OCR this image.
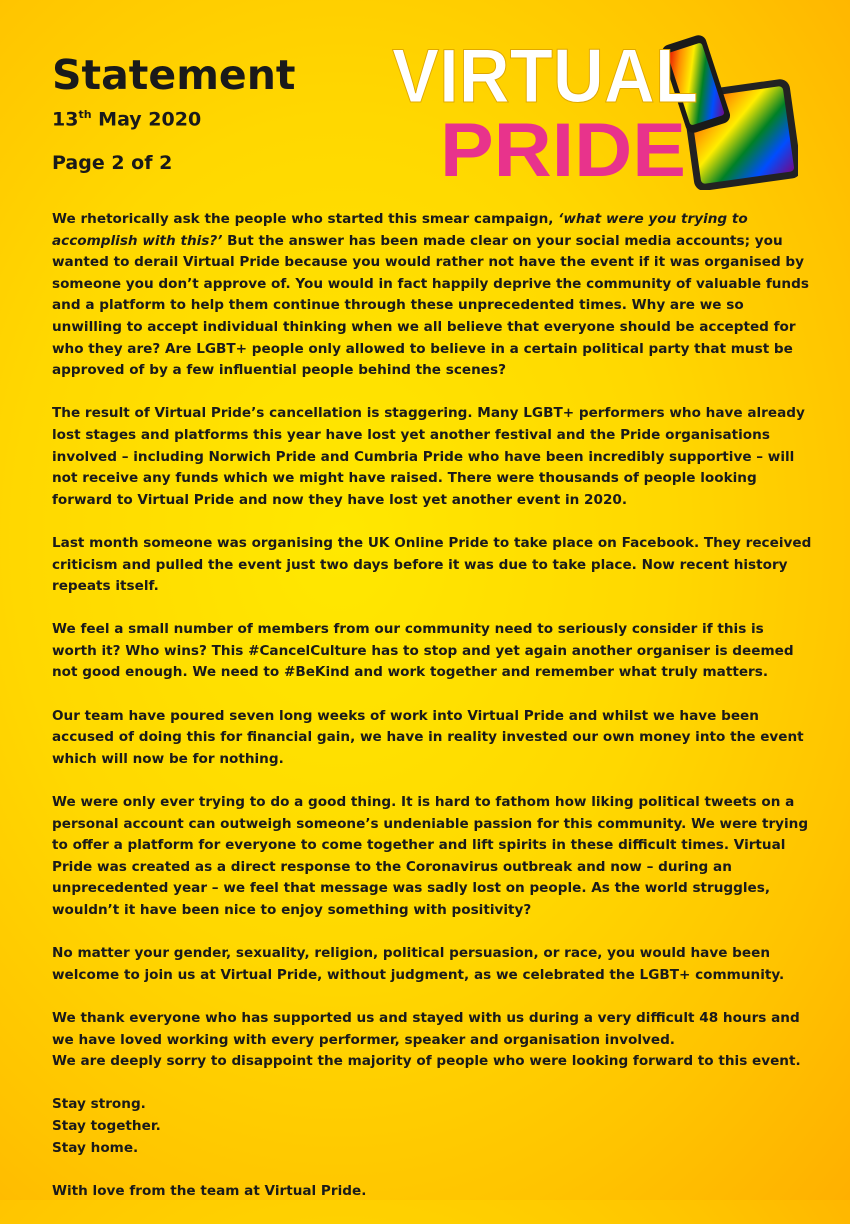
Statement
13th May 2020
Page 2 of 2
VIRTUAL
PRIDE

We rhetorically ask the people who started this smear campaign, ‘what were you trying to accomplish with this?’ But the answer has been made clear on your social media accounts; you wanted to derail Virtual Pride because you would rather not have the event if it was organised by someone you don’t approve of. You would in fact happily deprive the community of valuable funds and a platform to help them continue through these unprecedented times. Why are we so unwilling to accept individual thinking when we all believe that everyone should be accepted for who they are? Are LGBT+ people only allowed to believe in a certain political party that must be approved of by a few influential people behind the scenes?

The result of Virtual Pride’s cancellation is staggering. Many LGBT+ performers who have already lost stages and platforms this year have lost yet another festival and the Pride organisations involved – including Norwich Pride and Cumbria Pride who have been incredibly supportive – will not receive any funds which we might have raised. There were thousands of people looking forward to Virtual Pride and now they have lost yet another event in 2020.

Last month someone was organising the UK Online Pride to take place on Facebook. They received criticism and pulled the event just two days before it was due to take place. Now recent history repeats itself.

We feel a small number of members from our community need to seriously consider if this is worth it? Who wins? This #CancelCulture has to stop and yet again another organiser is deemed not good enough. We need to #BeKind and work together and remember what truly matters.

Our team have poured seven long weeks of work into Virtual Pride and whilst we have been accused of doing this for financial gain, we have in reality invested our own money into the event which will now be for nothing.

We were only ever trying to do a good thing. It is hard to fathom how liking political tweets on a personal account can outweigh someone’s undeniable passion for this community. We were trying to offer a platform for everyone to come together and lift spirits in these difficult times. Virtual Pride was created as a direct response to the Coronavirus outbreak and now – during an unprecedented year – we feel that message was sadly lost on people. As the world struggles, wouldn’t it have been nice to enjoy something with positivity?

No matter your gender, sexuality, religion, political persuasion, or race, you would have been welcome to join us at Virtual Pride, without judgment, as we celebrated the LGBT+ community.

We thank everyone who has supported us and stayed with us during a very difficult 48 hours and we have loved working with every performer, speaker and organisation involved.

We are deeply sorry to disappoint the majority of people who were looking forward to this event.

Stay strong.

Stay together.

Stay home.

With love from the team at Virtual Pride.
